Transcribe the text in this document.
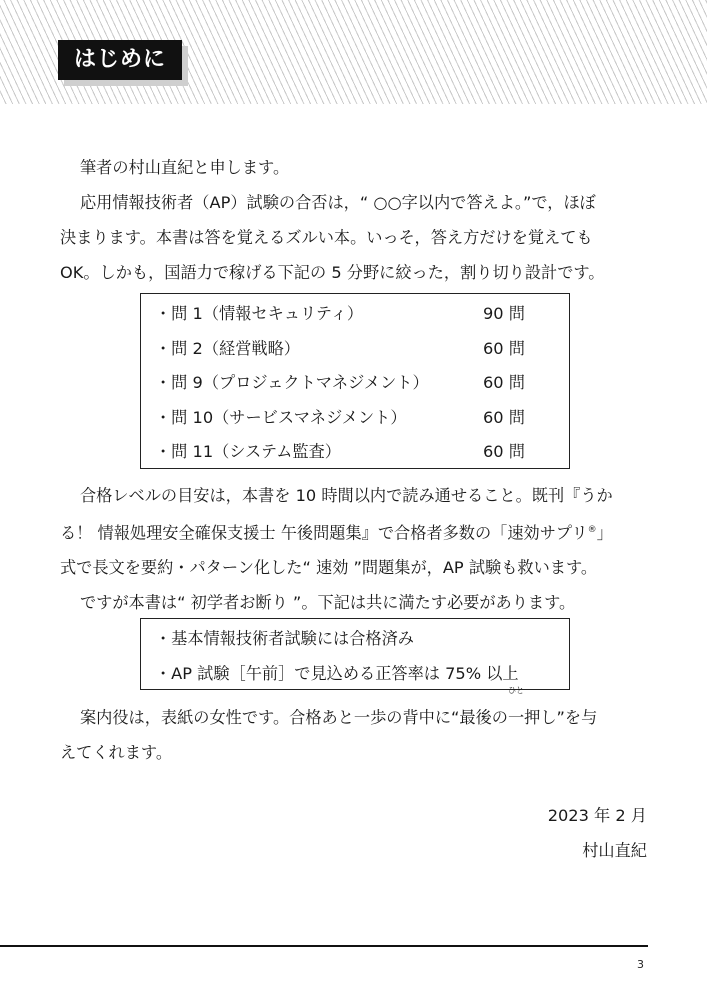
はじめに

筆者の村山直紀と申します。

応用情報技術者（AP）試験の合否は，“ ○○字以内で答えよ。”で，ほぼ

決まります。本書は答を覚えるズルい本。いっそ，答え方だけを覚えても

OK。しかも，国語力で稼げる下記の 5 分野に絞った，割り切り設計です。

・問 1（情報セキュリティ）	90 問
・問 2（経営戦略）	60 問
・問 9（プロジェクトマネジメント）	60 問
・問 10（サービスマネジメント）	60 問
・問 11（システム監査）	60 問

合格レベルの目安は，本書を 10 時間以内で読み通せること。既刊『うか

る！ 情報処理安全確保支援士 午後問題集』で合格者多数の「速効サプリ®」

式で長文を要約・パターン化した“ 速効 ”問題集が，AP 試験も救います。

ですが本書は“ 初学者お断り ”。下記は共に満たす必要があります。

・基本情報技術者試験には合格済み
・AP 試験［午前］で見込める正答率は 75% 以上

案内役は，表紙の女性です。合格あと一歩の背中に“最後の一
ひと
押し”を与

えてくれます。

2023 年 2 月
村山直紀
3
